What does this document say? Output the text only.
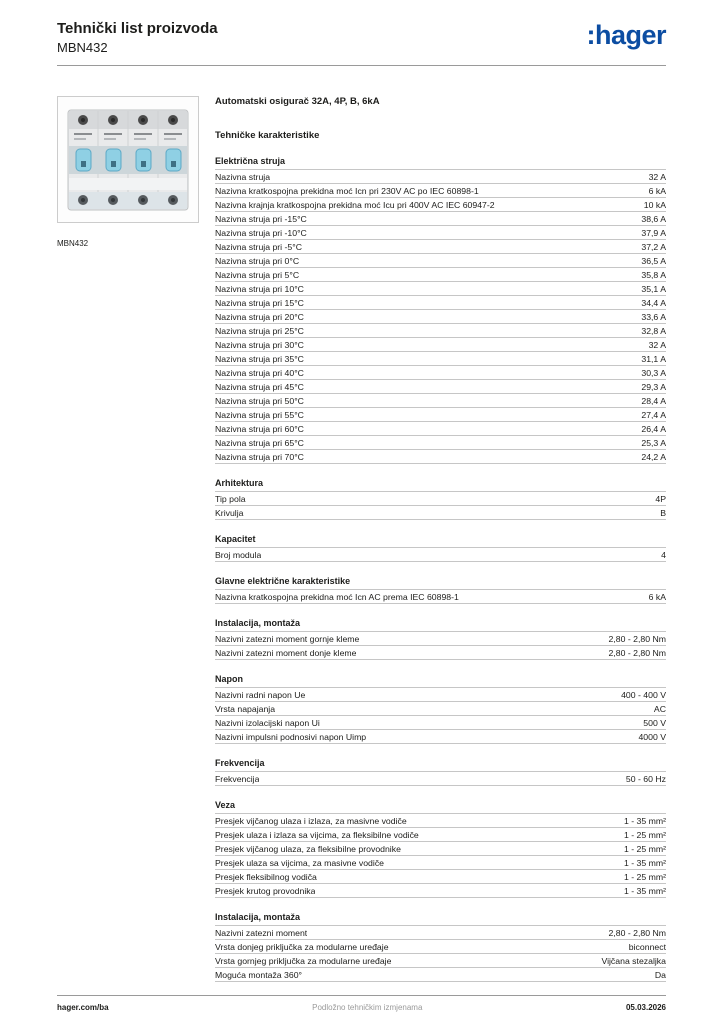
Tehnički list proizvoda
MBN432	:hager
MBN432
Automatski osigurač 32A, 4P, B, 6kA
Tehničke karakteristike
Električna struja
Nazivna struja	32 A
Nazivna kratkospojna prekidna moć Icn pri 230V AC po IEC 60898-1	6 kA
Nazivna krajnja kratkospojna prekidna moć Icu pri 400V AC IEC 60947-2	10 kA
Nazivna struja pri -15°C	38,6 A
Nazivna struja pri -10°C	37,9 A
Nazivna struja pri -5°C	37,2 A
Nazivna struja pri 0°C	36,5 A
Nazivna struja pri 5°C	35,8 A
Nazivna struja pri 10°C	35,1 A
Nazivna struja pri 15°C	34,4 A
Nazivna struja pri 20°C	33,6 A
Nazivna struja pri 25°C	32,8 A
Nazivna struja pri 30°C	32 A
Nazivna struja pri 35°C	31,1 A
Nazivna struja pri 40°C	30,3 A
Nazivna struja pri 45°C	29,3 A
Nazivna struja pri 50°C	28,4 A
Nazivna struja pri 55°C	27,4 A
Nazivna struja pri 60°C	26,4 A
Nazivna struja pri 65°C	25,3 A
Nazivna struja pri 70°C	24,2 A
Arhitektura
Tip pola	4P
Krivulja	B
Kapacitet
Broj modula	4
Glavne električne karakteristike
Nazivna kratkospojna prekidna moć Icn AC prema IEC 60898-1	6 kA
Instalacija, montaža
Nazivni zatezni moment gornje kleme	2,80 - 2,80 Nm
Nazivni zatezni moment donje kleme	2,80 - 2,80 Nm
Napon
Nazivni radni napon Ue	400 - 400 V
Vrsta napajanja	AC
Nazivni izolacijski napon Ui	500 V
Nazivni impulsni podnosivi napon Uimp	4000 V
Frekvencija
Frekvencija	50 - 60 Hz
Veza
Presjek vijčanog ulaza i izlaza, za masivne vodiče	1 - 35 mm²
Presjek ulaza i izlaza sa vijcima, za fleksibilne vodiče	1 - 25 mm²
Presjek vijčanog ulaza, za fleksibilne provodnike	1 - 25 mm²
Presjek ulaza sa vijcima, za masivne vodiče	1 - 35 mm²
Presjek fleksibilnog vodiča	1 - 25 mm²
Presjek krutog provodnika	1 - 35 mm²
Instalacija, montaža
Nazivni zatezni moment	2,80 - 2,80 Nm
Vrsta donjeg priključka za modularne uređaje	biconnect
Vrsta gornjeg priključka za modularne uređaje	Vijčana stezaljka
Moguća montaža 360°	Da
hager.com/ba	Podložno tehničkim izmjenama	05.03.2026
